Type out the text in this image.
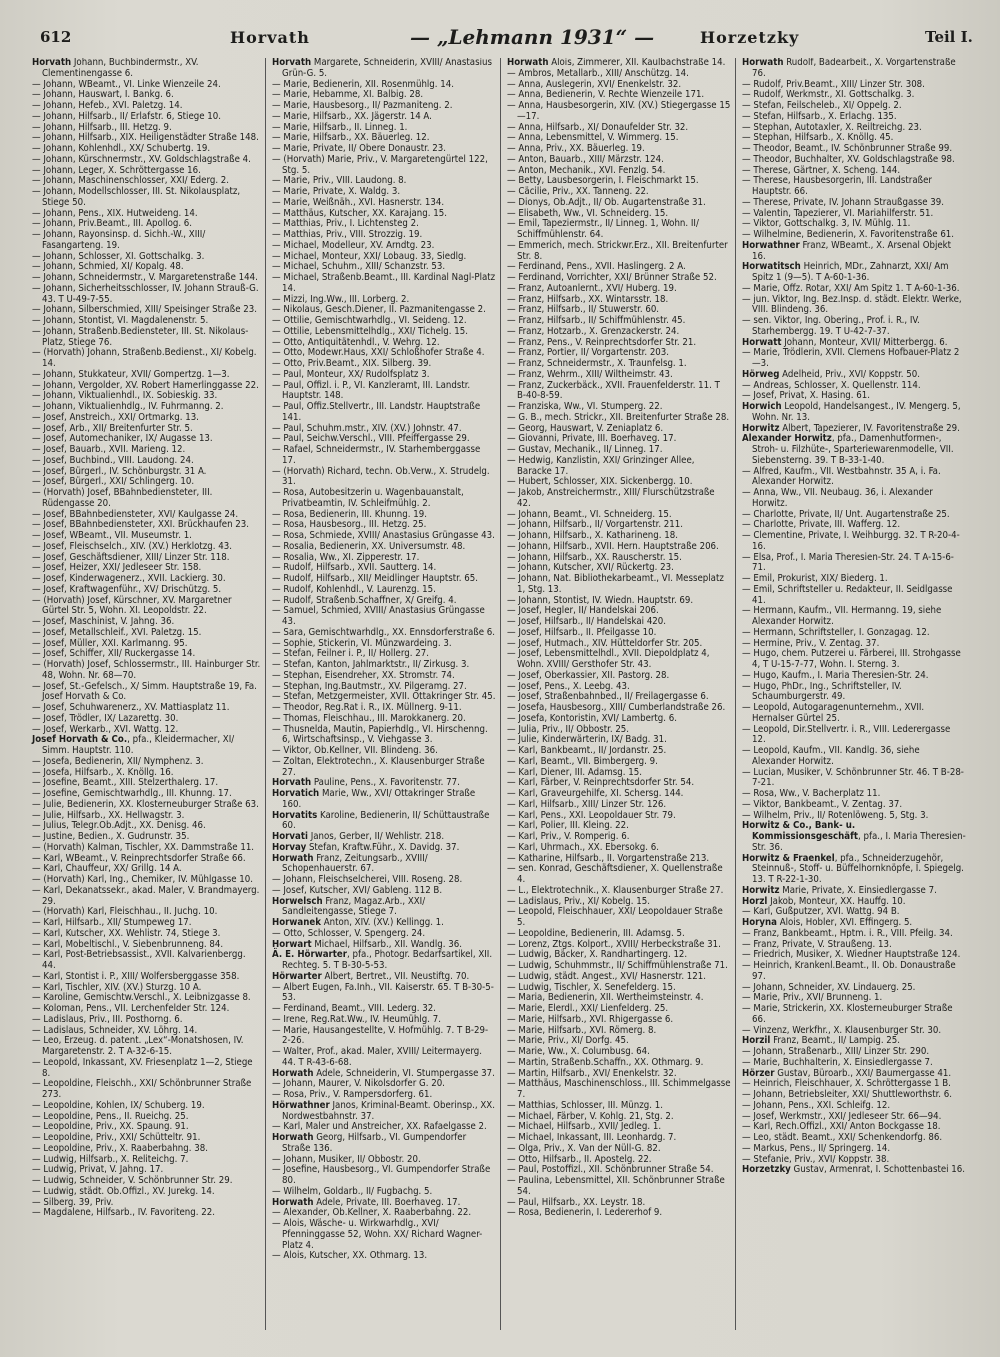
612	Horvath	— „Lehmann 1931“ —	Horzetzky	Teil I.
Horvath Johann, Buchbindermstr., XV. Clementinengasse 6.
— Johann, WBeamt., VI. Linke Wienzeile 24.
— Johann, Hauswart, I. Bankg. 6.
— Johann, Hefeb., XVI. Paletzg. 14.
— Johann, Hilfsarb., II/ Erlafstr. 6, Stiege 10.
— Johann, Hilfsarb., III. Hetzg. 9.
— Johann, Hilfsarb., XIX. Heiligenstädter Straße 148.
— Johann, Kohlenhdl., XX/ Schubertg. 19.
— Johann, Kürschnermstr., XV. Goldschlagstraße 4.
— Johann, Leger, X. Schröttergasse 16.
— Johann, Maschinenschlosser, XXI/ Ederg. 2.
— Johann, Modellschlosser, III. St. Nikolausplatz, Stiege 50.
— Johann, Pens., XIX. Hutweideng. 14.
— Johann, Priv.Beamt., III. Apollog. 6.
— Johann, Rayonsinsp. d. Sichh.-W., XIII/ Fasangarteng. 19.
— Johann, Schlosser, XI. Gottschalkg. 3.
— Johann, Schmied, XI/ Kopalg. 48.
— Johann, Schneidermstr., V. Margaretenstraße 144.
— Johann, Sicherheitsschlosser, IV. Johann Strauß-G. 43. T U-49-7-55.
— Johann, Silberschmied, XIII/ Speisinger Straße 23.
— Johann, Stontist, VI. Magdalenenstr. 5.
— Johann, Straßenb.Bediensteter, III. St. Nikolaus-Platz, Stiege 76.
— (Horvath) Johann, Straßenb.Bedienst., XI/ Kobelg. 14.
— Johann, Stukkateur, XVII/ Gompertzg. 1—3.
— Johann, Vergolder, XV. Robert Hamerlinggasse 22.
— Johann, Viktualienhdl., IX. Sobieskig. 33.
— Johann, Viktualienhdlg., IV. Fuhrmanng. 2.
— Josef, Anstreich., XXI/ Ortmarkg. 13.
— Josef, Arb., XII/ Breitenfurter Str. 5.
— Josef, Automechaniker, IX/ Augasse 13.
— Josef, Bauarb., XVII. Marieng. 12.
— Josef, Buchbind., VIII. Laudong. 24.
— Josef, Bürgerl., IV. Schönburgstr. 31 A.
— Josef, Bürgerl., XXI/ Schlingerg. 10.
— (Horvath) Josef, BBahnbediensteter, III. Rüdengasse 20.
— Josef, BBahnbediensteter, XVI/ Kaulgasse 24.
— Josef, BBahnbediensteter, XXI. Brückhaufen 23.
— Josef, WBeamt., VII. Museumstr. 1.
— Josef, Fleischselch., XIV. (XV.) Herklotzg. 43.
— Josef, Geschäftsdiener, XIII/ Linzer Str. 118.
— Josef, Heizer, XXI/ Jedleseer Str. 158.
— Josef, Kinderwagenerz., XVII. Lackierg. 30.
— Josef, Kraftwagenführ., XV/ Drischützg. 5.
— (Horvath) Josef, Kürschner, XV. Margaretner Gürtel Str. 5, Wohn. XI. Leopoldstr. 22.
— Josef, Maschinist, V. Jahng. 36.
— Josef, Metallschleif., XVI. Paletzg. 15.
— Josef, Müller, XXI. Karlmanng. 95.
— Josef, Schiffer, XII/ Ruckergasse 14.
— (Horvath) Josef, Schlossermstr., III. Hainburger Str. 48, Wohn. Nr. 68—70.
— Josef, St.-Gefelsch., X/ Simm. Hauptstraße 19, Fa. Josef Horvath & Co.
— Josef, Schuhwarenerz., XV. Mattiasplatz 11.
— Josef, Trödler, IX/ Lazarettg. 30.
— Josef, Werkarb., XVI. Wattg. 12.
Josef Horvath & Co., pfa., Kleidermacher, XI/ Simm. Hauptstr. 110.
— Josefa, Bedienerin, XII/ Nymphenz. 3.
— Josefa, Hilfsarb., X. Knöllg. 16.
— Josefine, Beamt., XIII. Stelzerthalerg. 17.
— Josefine, Gemischtwarhdlg., III. Khunng. 17.
— Julie, Bedienerin, XX. Klosterneuburger Straße 63.
— Julie, Hilfsarb., XX. Hellwagstr. 3.
— Julius, Telegr.Ob.Adjt., XX. Denisg. 46.
— Justine, Bedien., X. Gudrunstr. 35.
— (Horvath) Kalman, Tischler, XX. Dammstraße 11.
— Karl, WBeamt., V. Reinprechtsdorfer Straße 66.
— Karl, Chauffeur, XX/ Grillg. 14 A.
— (Horvath) Karl, Ing., Chemiker, IV. Mühlgasse 10.
— Karl, Dekanatssekr., akad. Maler, V. Brandmayerg. 29.
— (Horvath) Karl, Fleischhau., II. Juchg. 10.
— Karl, Hilfsarb., XII/ Stumpeweg 17.
— Karl, Kutscher, XX. Wehlistr. 74, Stiege 3.
— Karl, Mobeltischl., V. Siebenbrunneng. 84.
— Karl, Post-Betriebsassist., XVII. Kalvarienbergg. 44.
— Karl, Stontist i. P., XIII/ Wolfersberggasse 358.
— Karl, Tischler, XIV. (XV.) Sturzg. 10 A.
— Karoline, Gemischtw.Verschl., X. Leibnizgasse 8.
— Koloman, Pens., VII. Lerchenfelder Str. 124.
— Ladislaus, Priv., III. Posthorng. 6.
— Ladislaus, Schneider, XV. Löhrg. 14.
— Leo, Erzeug. d. patent. „Lex“-Monatshosen, IV. Margaretenstr. 2. T A-32-6-15.
— Leopold, Inkassant, XV. Friesenplatz 1—2, Stiege 8.
— Leopoldine, Fleischh., XXI/ Schönbrunner Straße 273.
— Leopoldine, Kohlen, IX/ Schuberg. 19.
— Leopoldine, Pens., II. Rueichg. 25.
— Leopoldine, Priv., XX. Spaung. 91.
— Leopoldine, Priv., XXI/ Schütteltr. 91.
— Leopoldine, Priv., X. Raaberbahng. 38.
— Ludwig, Hilfsarb., X. Reliteichg. 7.
— Ludwig, Privat, V. Jahng. 17.
— Ludwig, Schneider, V. Schönbrunner Str. 29.
— Ludwig, städt. Ob.Offizl., XV. Jurekg. 14.
— Silberg. 39, Priv.
— Magdalene, Hilfsarb., IV. Favoriteng. 22.
Horvath Margarete, Schneiderin, XVIII/ Anastasius Grün-G. 5.
— Marie, Bedienerin, XII. Rosenmühlg. 14.
— Marie, Hebamme, XI. Balbig. 28.
— Marie, Hausbesorg., II/ Pazmaniteng. 2.
— Marie, Hilfsarb., XX. Jägerstr. 14 A.
— Marie, Hilfsarb., II. Linneg. 1.
— Marie, Hilfsarb., XX. Bäuerleg. 12.
— Marie, Private, II/ Obere Donaustr. 23.
— (Horvath) Marie, Priv., V. Margaretengürtel 122, Stg. 5.
— Marie, Priv., VIII. Laudong. 8.
— Marie, Private, X. Waldg. 3.
— Marie, Weißnäh., XVI. Hasnerstr. 134.
— Matthäus, Kutscher, XX. Karajang. 15.
— Matthias, Priv., I. Lichtensteg 2.
— Matthias, Priv., VIII. Strozzig. 19.
— Michael, Modelleur, XV. Arndtg. 23.
— Michael, Monteur, XXI/ Lobaug. 33, Siedlg.
— Michael, Schuhm., XIII/ Schanzstr. 53.
— Michael, Straßenb.Beamt., III. Kardinal Nagl-Platz 14.
— Mizzi, Ing.Ww., III. Lorberg. 2.
— Nikolaus, Gesch.Diener, II. Pazmanitengasse 2.
— Ottilie, Gemischtwarhdlg., VI. Seideng. 12.
— Ottilie, Lebensmittelhdlg., XXI/ Tichelg. 15.
— Otto, Antiquitätenhdl., V. Wehrg. 12.
— Otto, Modewr.Haus, XXI/ Schloßhofer Straße 4.
— Otto, Priv.Beamt., XIX. Silberg. 39.
— Paul, Monteur, XX/ Rudolfsplatz 3.
— Paul, Offizl. i. P., VI. Kanzleramt, III. Landstr. Hauptstr. 148.
— Paul, Offiz.Stellvertr., III. Landstr. Hauptstraße 141.
— Paul, Schuhm.mstr., XIV. (XV.) Johnstr. 47.
— Paul, Seichw.Verschl., VIII. Pfeiffergasse 29.
— Rafael, Schneidermstr., IV. Starhemberggasse 17.
— (Horvath) Richard, techn. Ob.Verw., X. Strudelg. 31.
— Rosa, Autobesitzerin u. Wagenbauanstalt, Privatbeamtin, IV. Schleifmühlg. 2.
— Rosa, Bedienerin, III. Khunng. 19.
— Rosa, Hausbesorg., III. Hetzg. 25.
— Rosa, Schmiede, XVIII/ Anastasius Grüngasse 43.
— Rosalia, Bedienerin, XX. Universumstr. 48.
— Rosalia, Ww., XI. Zipperestr. 17.
— Rudolf, Hilfsarb., XVII. Sautterg. 14.
— Rudolf, Hilfsarb., XII/ Meidlinger Hauptstr. 65.
— Rudolf, Kohlenhdl., V. Laurenzg. 15.
— Rudolf, Straßenb.Schaffner, X/ Greifg. 4.
— Samuel, Schmied, XVIII/ Anastasius Grüngasse 43.
— Sara, Gemischtwarhdlg., XX. Ennsdorferstraße 6.
— Sophie, Stickerin, VI. Münzwardeing. 3.
— Stefan, Feilner i. P., II/ Hollerg. 27.
— Stefan, Kanton, Jahlmarktstr., II/ Zirkusg. 3.
— Stephan, Eisendreher, XX. Stromstr. 74.
— Stephan, Ing.Bautmstr., XV. Pilgeramg. 27.
— Stefan, Metzgermeister, XVII. Ottakringer Str. 45.
— Theodor, Reg.Rat i. R., IX. Müllnerg. 9-11.
— Thomas, Fleischhau., III. Marokkanerg. 20.
— Thusnelda, Mautin, Papierhdlg., VI. Hirschenng. 6, Wirtschaftsinsp., V. Viehgasse 3.
— Viktor, Ob.Kellner, VII. Blindeng. 36.
— Zoltan, Elektrotechn., X. Klausenburger Straße 27.
Horvath Pauline, Pens., X. Favoritenstr. 77.
Horvatich Marie, Ww., XVI/ Ottakringer Straße 160.
Horvatits Karoline, Bedienerin, II/ Schüttaustraße 60.
Horvati Janos, Gerber, II/ Wehlistr. 218.
Horvay Stefan, Kraftw.Führ., X. Davidg. 37.
Horwath Franz, Zeitungsarb., XVIII/ Schopenhauerstr. 67.
— Johann, Fleischselcherei, VIII. Roseng. 28.
— Josef, Kutscher, XVI/ Gableng. 112 B.
Horwelsch Franz, Magaz.Arb., XXI/ Sandleitengasse, Stiege 7.
Horwanek Anton, XIV. (XV.) Kellingg. 1.
— Otto, Schlosser, V. Spengerg. 24.
Horwart Michael, Hilfsarb., XII. Wandlg. 36.
Ä. E. Hörwarter, pfa., Photogr. Bedarfsartikel, XII. Rechteg. 5. T B-30-5-53.
Hörwarter Albert, Bertret., VII. Neustiftg. 70.
— Albert Eugen, Fa.Inh., VII. Kaiserstr. 65. T B-30-5-53.
— Ferdinand, Beamt., VIII. Lederg. 32.
— Irene, Reg.Rat.Ww., IV. Heumühlg. 7.
— Marie, Hausangestellte, V. Hofmühlg. 7. T B-29-2-26.
— Walter, Prof., akad. Maler, XVIII/ Leitermayerg. 44. T R-43-6-68.
Horwath Adele, Schneiderin, VI. Stumpergasse 37.
— Johann, Maurer, V. Nikolsdorfer G. 20.
— Rosa, Priv., V. Rampersdorferg. 61.
Hörwathner Janos, Kriminal-Beamt. Oberinsp., XX. Nordwestbahnstr. 37.
— Karl, Maler und Anstreicher, XX. Rafaelgasse 2.
Horwath Georg, Hilfsarb., VI. Gumpendorfer Straße 136.
— Johann, Musiker, II/ Obbostr. 20.
— Josefine, Hausbesorg., VI. Gumpendorfer Straße 80.
— Wilhelm, Goldarb., II/ Fugbachg. 5.
Horwath Adele, Private, III. Boerhaveg. 17.
— Alexander, Ob.Kellner, X. Raaberbahng. 22.
— Alois, Wäsche- u. Wirkwarhdlg., XVI/ Pfenninggasse 52, Wohn. XX/ Richard Wagner-Platz 4.
— Alois, Kutscher, XX. Othmarg. 13.
Horwath Alois, Zimmerer, XII. Kaulbachstraße 14.
— Ambros, Metallarb., XIII/ Anschützg. 14.
— Anna, Auslegerin, XVI/ Enenkelstr. 32.
— Anna, Bedienerin, V. Rechte Wienzeile 171.
— Anna, Hausbesorgerin, XIV. (XV.) Stiegergasse 15—17.
— Anna, Hilfsarb., XI/ Donaufelder Str. 32.
— Anna, Lebensmittel, V. Wimmerg. 15.
— Anna, Priv., XX. Bäuerleg. 19.
— Anton, Bauarb., XIII/ Märzstr. 124.
— Anton, Mechanik., XVI. Fenzlg. 54.
— Betty, Lausbesorgerin, I. Fleischmarkt 15.
— Cäcilie, Priv., XX. Tanneng. 22.
— Dionys, Ob.Adjt., II/ Ob. Augartenstraße 31.
— Elisabeth, Ww., VI. Schneiderg. 15.
— Emil, Tapeziermstr., II/ Linneg. 1, Wohn. II/ Schiffmühlenstr. 64.
— Emmerich, mech. Strickwr.Erz., XII. Breitenfurter Str. 8.
— Ferdinand, Pens., XVII. Haslingerg. 2 A.
— Ferdinand, Vorrichter, XXI/ Brünner Straße 52.
— Franz, Autoanlernt., XVI/ Huberg. 19.
— Franz, Hilfsarb., XX. Wintarsstr. 18.
— Franz, Hilfsarb., II/ Stuwerstr. 60.
— Franz, Hilfsarb., II/ Schiffmühlenstr. 45.
— Franz, Hotzarb., X. Grenzackerstr. 24.
— Franz, Pens., V. Reinprechtsdorfer Str. 21.
— Franz, Portier, II/ Vorgartenstr. 203.
— Franz, Schneidermstr., X. Traunfelsg. 1.
— Franz, Wehrm., XIII/ Wiltheimstr. 43.
— Franz, Zuckerbäck., XVII. Frauenfelderstr. 11. T B-40-8-59.
— Franziska, Ww., VI. Stumperg. 22.
— G. B., mech. Strickr., XII. Breitenfurter Straße 28.
— Georg, Hauswart, V. Zeniaplatz 6.
— Giovanni, Private, III. Boerhaveg. 17.
— Gustav, Mechanik., II/ Linneg. 17.
— Hedwig, Kanzlistin, XXI/ Grinzinger Allee, Baracke 17.
— Hubert, Schlosser, XIX. Sickenbergg. 10.
— Jakob, Anstreichermstr., XIII/ Flurschützstraße 42.
— Johann, Beamt., VI. Schneiderg. 15.
— Johann, Hilfsarb., II/ Vorgartenstr. 211.
— Johann, Hilfsarb., X. Katharineng. 18.
— Johann, Hilfsarb., XVII. Hern. Hauptstraße 206.
— Johann, Hilfsarb., XX. Rauscherstr. 15.
— Johann, Kutscher, XVI/ Rückertg. 23.
— Johann, Nat. Bibliothekarbeamt., VI. Messeplatz 1, Stg. 13.
— Johann, Stontist, IV. Wiedn. Hauptstr. 69.
— Josef, Hegler, II/ Handelskai 206.
— Josef, Hilfsarb., II/ Handelskai 420.
— Josef, Hilfsarb., II. Pfeilgasse 10.
— Josef, Hutmach., XIV. Hütteldorfer Str. 205.
— Josef, Lebensmittelhdl., XVII. Diepoldplatz 4, Wohn. XVIII/ Gersthofer Str. 43.
— Josef, Oberkassier, XII. Pastorg. 28.
— Josef, Pens., X. Leebg. 43.
— Josef, Straßenbahnbed., II/ Freilagergasse 6.
— Josefa, Hausbesorg., XIII/ Cumberlandstraße 26.
— Josefa, Kontoristin, XVI/ Lambertg. 6.
— Julia, Priv., II/ Obbostr. 25.
— Julie, Kinderwärterin, IX/ Badg. 31.
— Karl, Bankbeamt., II/ Jordanstr. 25.
— Karl, Beamt., VII. Bimbergerg. 9.
— Karl, Diener, III. Adamsg. 15.
— Karl, Färber, V. Reinprechtsdorfer Str. 54.
— Karl, Graveurgehilfe, XI. Schersg. 144.
— Karl, Hilfsarb., XIII/ Linzer Str. 126.
— Karl, Pens., XXI. Leopoldauer Str. 79.
— Karl, Polier, III. Kleing. 22.
— Karl, Priv., V. Romperig. 6.
— Karl, Uhrmach., XX. Ebersokg. 6.
— Katharine, Hilfsarb., II. Vorgartenstraße 213.
— sen. Konrad, Geschäftsdiener, X. Quellenstraße 4.
— L., Elektrotechnik., X. Klausenburger Straße 27.
— Ladislaus, Priv., XI/ Kobelg. 15.
— Leopold, Fleischhauer, XXI/ Leopoldauer Straße 5.
— Leopoldine, Bedienerin, III. Adamsg. 5.
— Lorenz, Ztgs. Kolport., XVIII/ Herbeckstraße 31.
— Ludwig, Bäcker, X. Randhartingerg. 12.
— Ludwig, Schuhmmstr., II/ Schiffmühlenstraße 71.
— Ludwig, städt. Angest., XVI/ Hasnerstr. 121.
— Ludwig, Tischler, X. Senefelderg. 15.
— Maria, Bedienerin, XII. Wertheimsteinstr. 4.
— Marie, Elerdl., XXI/ Lienfelderg. 25.
— Marie, Hilfsarb., XVI. Rhigergasse 6.
— Marie, Hilfsarb., XVI. Römerg. 8.
— Marie, Priv., XI/ Dorfg. 45.
— Marie, Ww., X. Columbusg. 64.
— Martin, Straßenb.Schaffn., XX. Othmarg. 9.
— Martin, Hilfsarb., XVI/ Enenkelstr. 32.
— Matthäus, Maschinenschloss., III. Schimmelgasse 7.
— Matthias, Schlosser, III. Münzg. 1.
— Michael, Färber, V. Kohlg. 21, Stg. 2.
— Michael, Hilfsarb., XVII/ Jedleg. 1.
— Michael, Inkassant, III. Leonhardg. 7.
— Olga, Priv., X. Van der Nüll-G. 82.
— Otto, Hilfsarb., II. Apostelg. 22.
— Paul, Postoffizl., XII. Schönbrunner Straße 54.
— Paulina, Lebensmittel, XII. Schönbrunner Straße 54.
— Paul, Hilfsarb., XX. Leystr. 18.
— Rosa, Bedienerin, I. Ledererhof 9.
Horwath Rudolf, Badearbeit., X. Vorgartenstraße 76.
— Rudolf, Priv.Beamt., XIII/ Linzer Str. 308.
— Rudolf, Werkmstr., XI. Gottschalkg. 3.
— Stefan, Feilscheleb., XI/ Oppelg. 2.
— Stefan, Hilfsarb., X. Erlachg. 135.
— Stephan, Autotaxler, X. Reiltreichg. 23.
— Stephan, Hilfsarb., X. Knöllg. 45.
— Theodor, Beamt., IV. Schönbrunner Straße 99.
— Theodor, Buchhalter, XV. Goldschlagstraße 98.
— Therese, Gärtner, X. Scheng. 144.
— Therese, Hausbesorgerin, III. Landstraßer Hauptstr. 66.
— Therese, Private, IV. Johann Straußgasse 39.
— Valentin, Tapezierer, VI. Mariahilferstr. 51.
— Viktor, Gottschalkg. 3, IV. Mühlg. 11.
— Wilhelmine, Bedienerin, X. Favoritenstraße 61.
Horwathner Franz, WBeamt., X. Arsenal Objekt 16.
Horwatitsch Heinrich, MDr., Zahnarzt, XXI/ Am Spitz 1 (9—5). T A-60-1-36.
— Marie, Offz. Rotar, XXI/ Am Spitz 1. T A-60-1-36.
— jun. Viktor, Ing. Bez.Insp. d. städt. Elektr. Werke, VIII. Blindeng. 36.
— sen. Viktor, Ing. Obering., Prof. i. R., IV. Starhembergg. 19. T U-42-7-37.
Horwatt Johann, Monteur, XVII/ Mitterbergg. 6.
— Marie, Trödlerin, XVII. Clemens Hofbauer-Platz 2—3.
Hörweg Adelheid, Priv., XVI/ Koppstr. 50.
— Andreas, Schlosser, X. Quellenstr. 114.
— Josef, Privat, X. Hasing. 61.
Horwich Leopold, Handelsangest., IV. Mengerg. 5, Wohn. Nr. 13.
Horwitz Albert, Tapezierer, IV. Favoritenstraße 29.
Alexander Horwitz, pfa., Damenhutformen-, Stroh- u. Filzhüte-, Sparteriewarenmodelle, VII. Siebensterng. 39. T B-33-1-40.
— Alfred, Kaufm., VII. Westbahnstr. 35 A, i. Fa. Alexander Horwitz.
— Anna, Ww., VII. Neubaug. 36, i. Alexander Horwitz.
— Charlotte, Private, II/ Unt. Augartenstraße 25.
— Charlotte, Private, III. Wafferg. 12.
— Clementine, Private, I. Weihburgg. 32. T R-20-4-16.
— Elsa, Prof., I. Maria Theresien-Str. 24. T A-15-6-71.
— Emil, Prokurist, XIX/ Biederg. 1.
— Emil, Schriftsteller u. Redakteur, II. Seidlgasse 41.
— Hermann, Kaufm., VII. Hermanng. 19, siehe Alexander Horwitz.
— Hermann, Schriftsteller, I. Gonzagag. 12.
— Hermine, Priv., V. Zentag. 37.
— Hugo, chem. Putzerei u. Färberei, III. Strohgasse 4, T U-15-7-77, Wohn. I. Sterng. 3.
— Hugo, Kaufm., I. Maria Theresien-Str. 24.
— Hugo, PhDr., Ing., Schriftsteller, IV. Schaumburgerstr. 49.
— Leopold, Autogaragenunternehm., XVII. Hernalser Gürtel 25.
— Leopold, Dir.Stellvertr. i. R., VIII. Lederergasse 12.
— Leopold, Kaufm., VII. Kandlg. 36, siehe Alexander Horwitz.
— Lucian, Musiker, V. Schönbrunner Str. 46. T B-28-7-21.
— Rosa, Ww., V. Bacherplatz 11.
— Viktor, Bankbeamt., V. Zentag. 37.
— Wilhelm, Priv., II/ Rotenlöweng. 5, Stg. 3.
Horwitz & Co., Bank- u. Kommissionsgeschäft, pfa., I. Maria Theresien-Str. 36.
Horwitz & Fraenkel, pfa., Schneiderzugehör, Steinnuß-, Stoff- u. Büffelhornknöpfe, I. Spiegelg. 13. T R-22-1-30.
Horwitz Marie, Private, X. Einsiedlergasse 7.
Horzl Jakob, Monteur, XX. Hauffg. 10.
— Karl, Gußputzer, XVI. Wattg. 94 B.
Horyna Alois, Hobler, XVI. Effingerg. 5.
— Franz, Bankbeamt., Hptm. i. R., VIII. Pfeilg. 34.
— Franz, Private, V. Straußeng. 13.
— Friedrich, Musiker, X. Wiedner Hauptstraße 124.
— Heinrich, Krankenl.Beamt., II. Ob. Donaustraße 97.
— Johann, Schneider, XV. Lindauerg. 25.
— Marie, Priv., XVI/ Brunneng. 1.
— Marie, Strickerin, XX. Klosterneuburger Straße 66.
— Vinzenz, Werkfhr., X. Klausenburger Str. 30.
Horzil Franz, Beamt., II/ Lampig. 25.
— Johann, Straßenarb., XIII/ Linzer Str. 290.
— Marie, Buchhalterin, X. Einsiedlergasse 7.
Hörzer Gustav, Büroarb., XXI/ Baumergasse 41.
— Heinrich, Fleischhauer, X. Schröttergasse 1 B.
— Johann, Betriebsleiter, XXI/ Shuttleworthstr. 6.
— Johann, Pens., XXI. Schleifg. 12.
— Josef, Werkmstr., XXI/ Jedleseer Str. 66—94.
— Karl, Rech.Offizl., XXI/ Anton Bockgasse 18.
— Leo, städt. Beamt., XXI/ Schenkendorfg. 86.
— Markus, Pens., II/ Springerg. 14.
— Stefanie, Priv., XVI/ Koppstr. 38.
Horzetzky Gustav, Armenrat, I. Schottenbastei 16.
